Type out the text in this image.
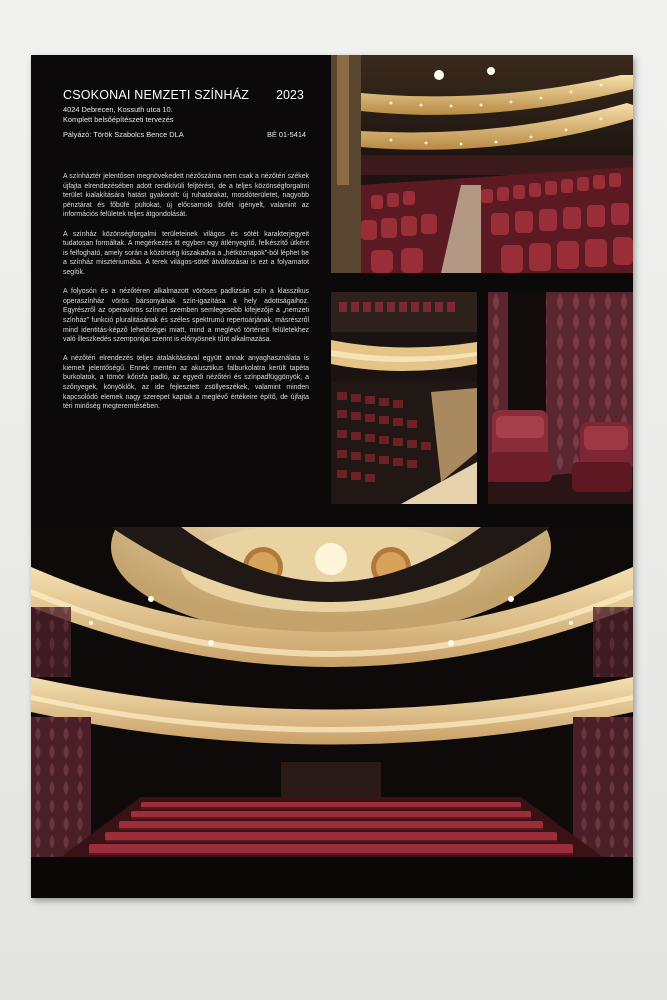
CSOKONAI NEMZETI SZÍNHÁZ 2023
4024 Debrecen, Kossuth utca 10.
Komplett belsőépítészeti tervezés
Pályázó: Török Szabolcs Bence DLA	BÉ 01-5414

A színháztér jelentősen megnövekedett nézőszáma nem csak a nézőtéri székek újfajta elrendezésében adott rendkívüli feljtérést, de a teljes közönségforgalmi terület kialakítására hatást gyakorolt: új ruhatárakat, mosdóterületet, nagyobb pénztárat és főbüfé pultokat, új előcsarnoki büfét igényelt, valamint az információs felületek teljes átgondolását.

A színház közönségforgalmi területeinek világos és sötét karakterjegyeit tudatosan formáltak. A megérkezés itt egyben egy átlényegítő, felkészítő útként is felfogható, amely során a közönség kiszakadva a „hétköznapok”-ból léphet be a színház misztériumába. A terek világos-sötét átváltozásai is ezt a folyamatot segítik.

A folyosón és a nézőtéren alkalmazott vöröses padlizsán szín a klasszikus operaszínház vörös bársonyának szín-igazítása a hely adottságaihoz. Egyrészről az operavörös színnel szemben semlegesebb kifejezője a „nemzeti színház” funkció pluralitásának és széles spektrumú repertoárjának, másrészről mind identitás-képző lehetőségei miatt, mind a meglévő történeti felületekhez való illeszkedés szempontjai szerint is előnyösnek tűnt alkalmazása.

A nézőtéri elrendezés teljes átalakításával együtt annak anyaghasználata is kiemelt jelentőségű. Ennek mentén az akusztikus falburkolatra került tapéta burkolatok, a tömör kőrisfa padló, az egyedi nézőtéri és színpadfüggönyök, a szőnyegek, könyöklők, az ide fejlesztett zsöllyeszékek, valamint minden kapcsolódó elemek nagy szerepet kaptak a meglévő értékeire építő, de újfajta téri minőség megteremtésében.
